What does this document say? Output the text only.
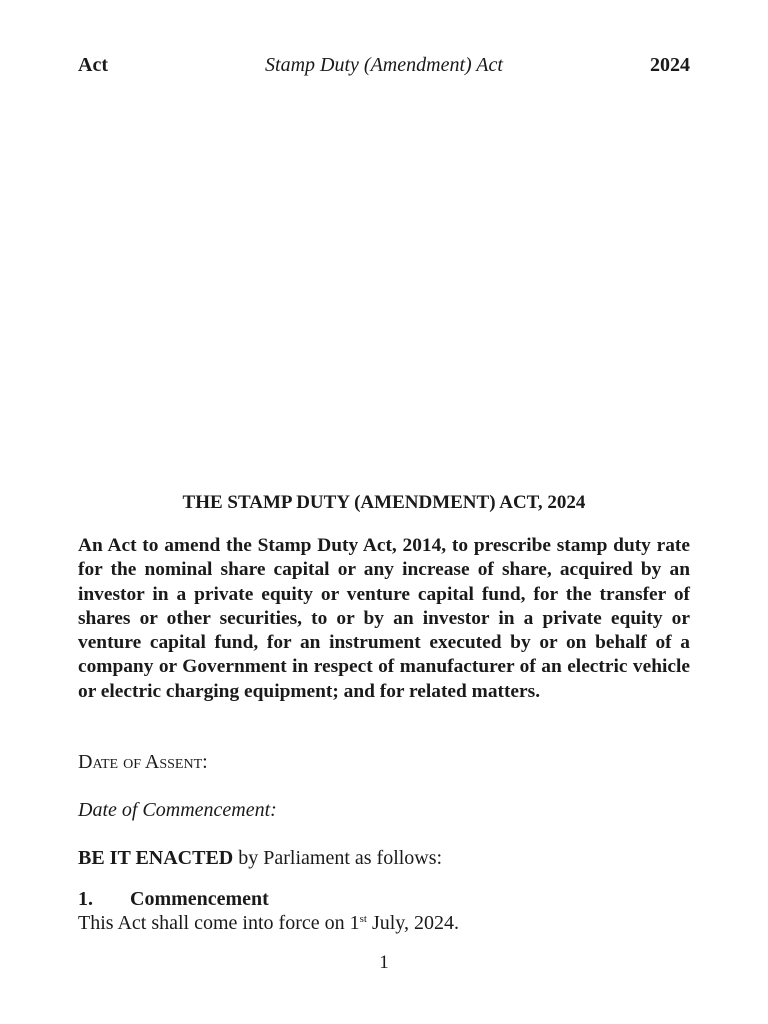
Act	Stamp Duty (Amendment) Act	2024
THE STAMP DUTY (AMENDMENT) ACT, 2024
An Act to amend the Stamp Duty Act, 2014, to prescribe stamp duty rate for the nominal share capital or any increase of share, acquired by an investor in a private equity or venture capital fund, for the transfer of shares or other securities, to or by an investor in a private equity or venture capital fund, for an instrument executed by or on behalf of a company or Government in respect of manufacturer of an electric vehicle or electric charging equipment; and for related matters.
Date of Assent:
Date of Commencement:
BE IT ENACTED by Parliament as follows:
1. Commencement
This Act shall come into force on 1st July, 2024.
1
